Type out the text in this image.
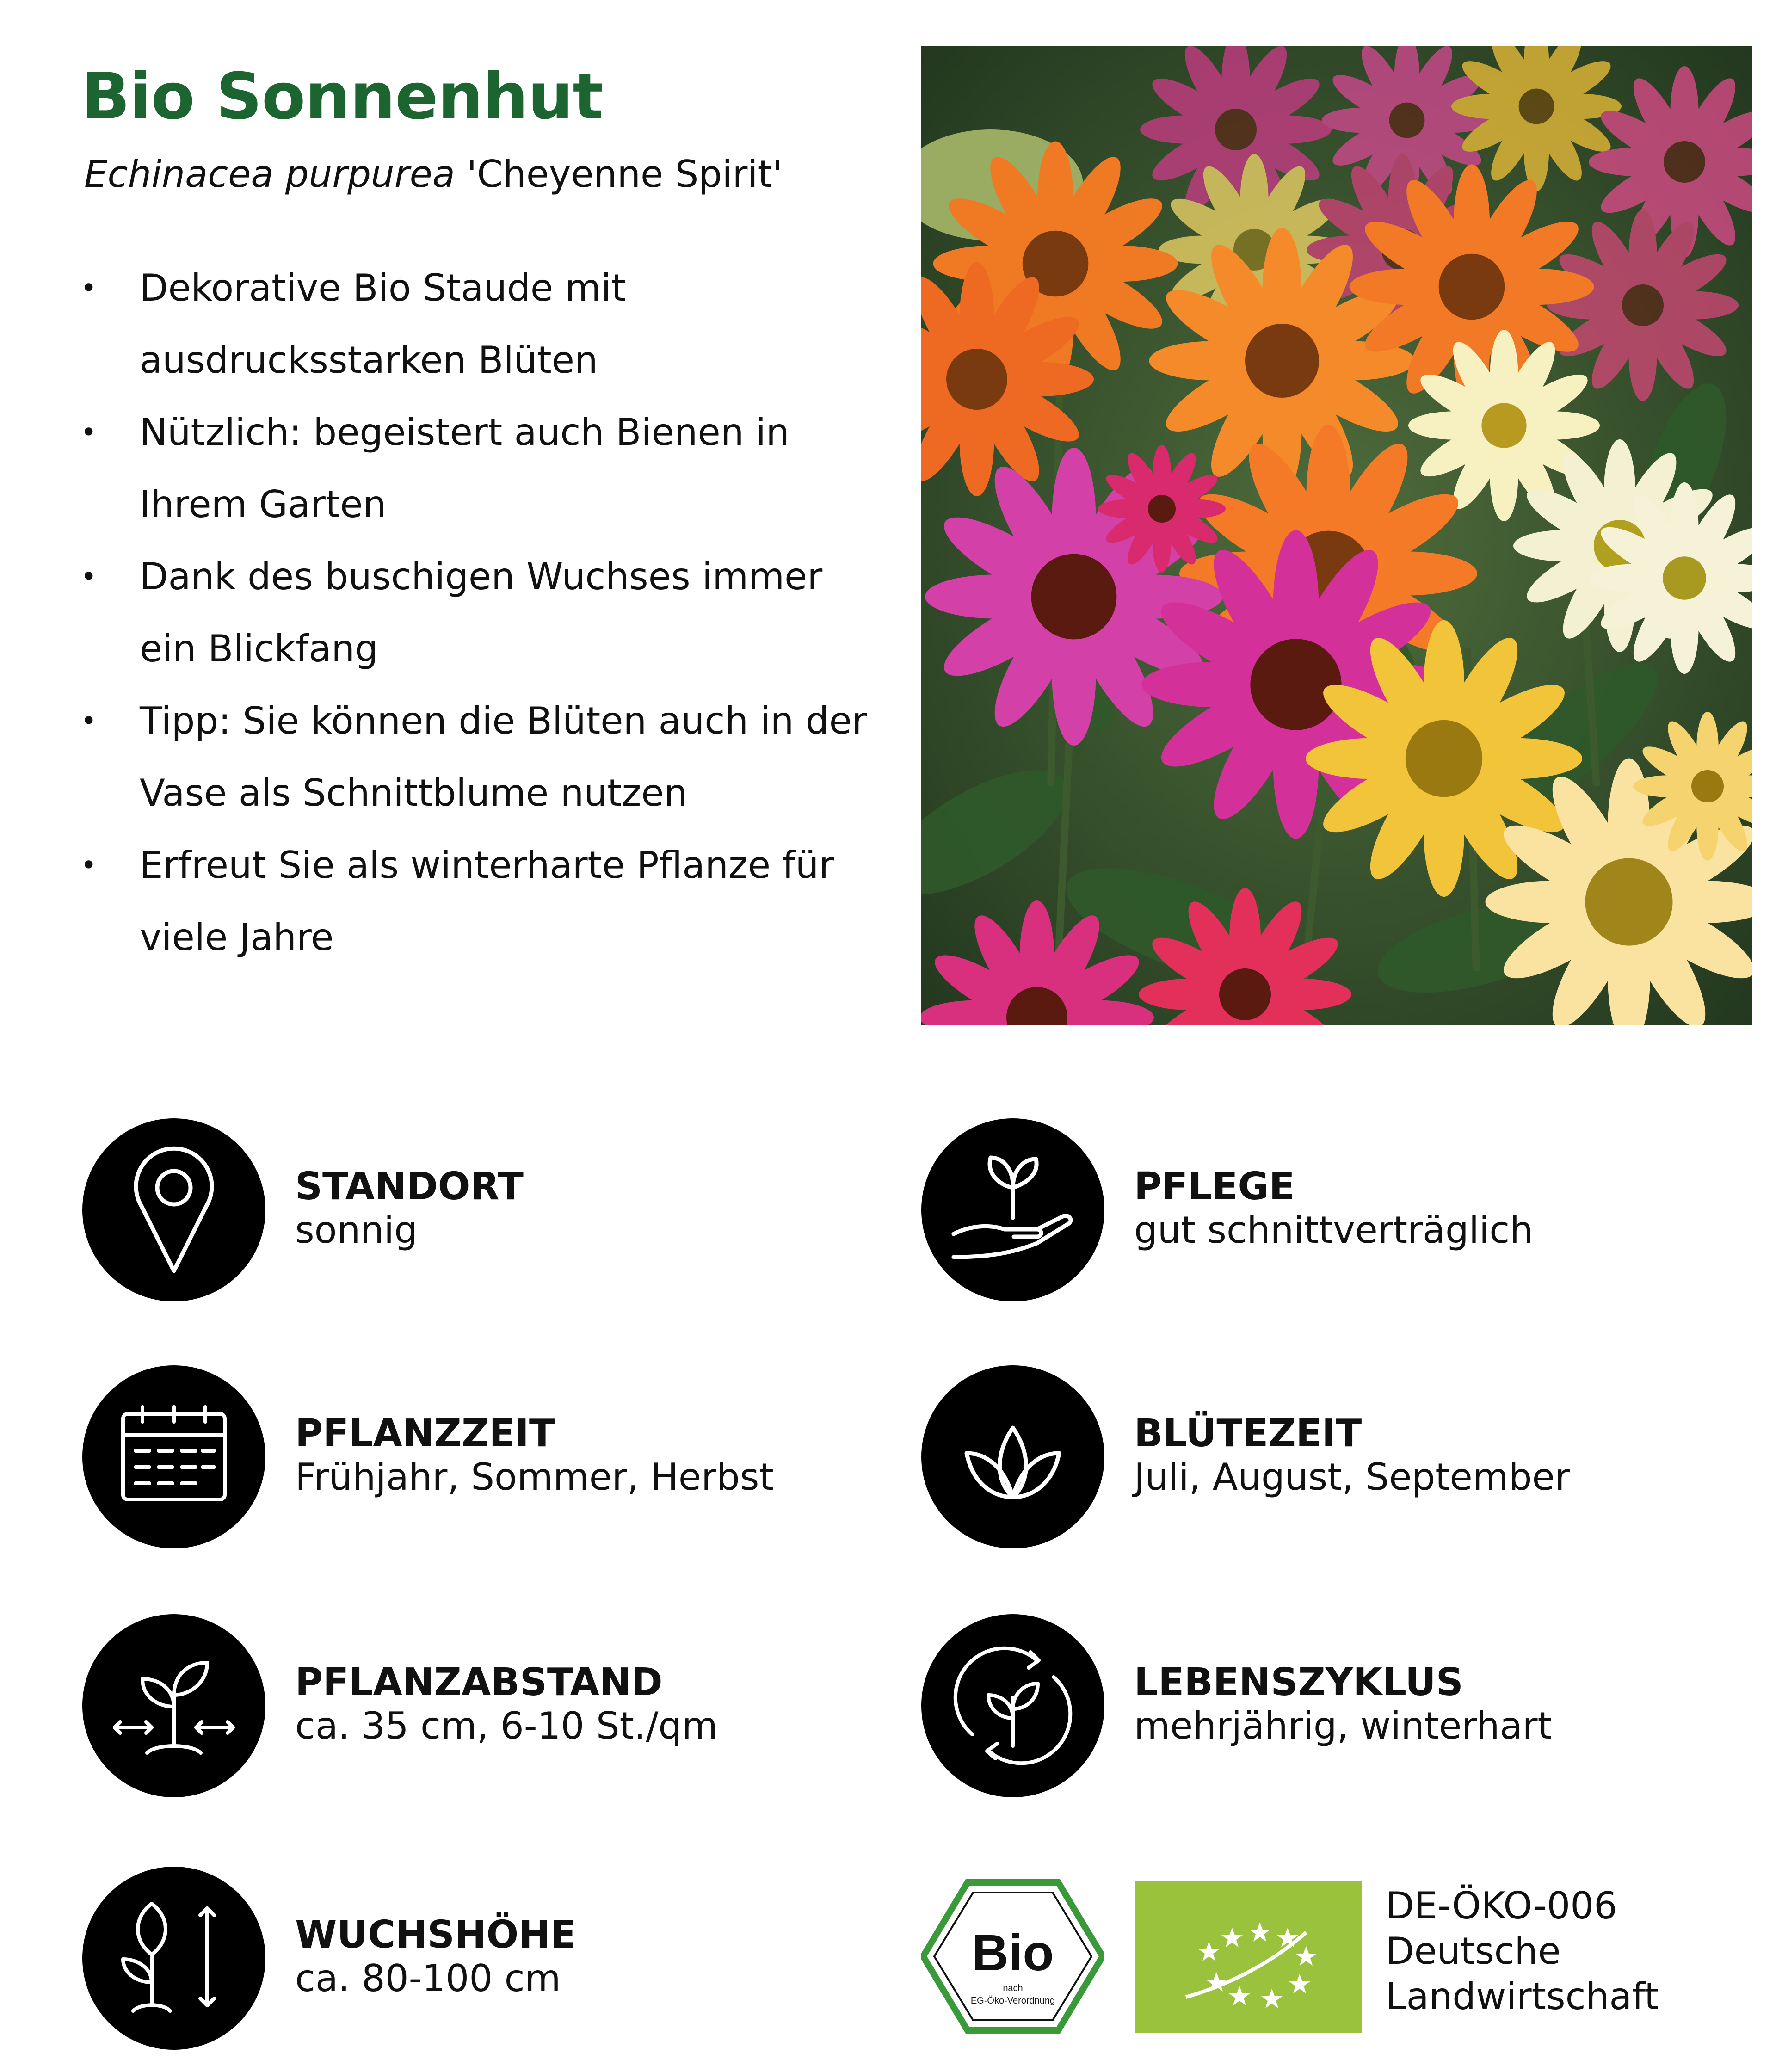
Bio Sonnenhut
Echinacea purpurea 'Cheyenne Spirit'
• Dekorative Bio Staude mit
ausdrucksstarken Blüten
• Nützlich: begeistert auch Bienen in
Ihrem Garten
• Dank des buschigen Wuchses immer
ein Blickfang
• Tipp: Sie können die Blüten auch in der
Vase als Schnittblume nutzen
• Erfreut Sie als winterharte Pflanze für
viele Jahre
STANDORT
sonnig
PFLEGE
gut schnittverträglich
PFLANZZEIT
Frühjahr, Sommer, Herbst
BLÜTEZEIT
Juli, August, September
PFLANZABSTAND
ca. 35 cm, 6-10 St./qm
LEBENSZYKLUS
mehrjährig, winterhart
WUCHSHÖHE
ca. 80-100 cm	Bio
nach
EG-Öko-Verordnung
DE-ÖKO-006
Deutsche
Landwirtschaft
